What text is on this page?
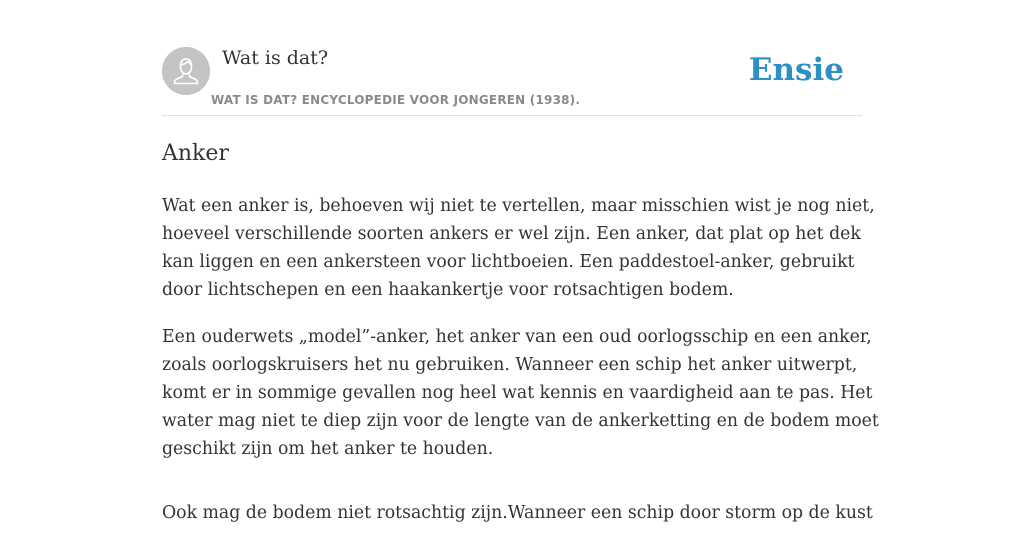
Wat is dat?
WAT IS DAT? ENCYCLOPEDIE VOOR JONGEREN (1938).
Ensie
Anker

Wat een anker is, behoeven wij niet te vertellen, maar misschien wist je nog niet,
hoeveel verschillende soorten ankers er wel zijn. Een anker, dat plat op het dek
kan liggen en een ankersteen voor lichtboeien. Een paddestoel-anker, gebruikt
door lichtschepen en een haakankertje voor rotsachtigen bodem.

Een ouderwets „model”-anker, het anker van een oud oorlogsschip en een anker,
zoals oorlogskruisers het nu gebruiken. Wanneer een schip het anker uitwerpt,
komt er in sommige gevallen nog heel wat kennis en vaardigheid aan te pas. Het
water mag niet te diep zijn voor de lengte van de ankerketting en de bodem moet
geschikt zijn om het anker te houden.

Ook mag de bodem niet rotsachtig zijn.Wanneer een schip door storm op de kust
